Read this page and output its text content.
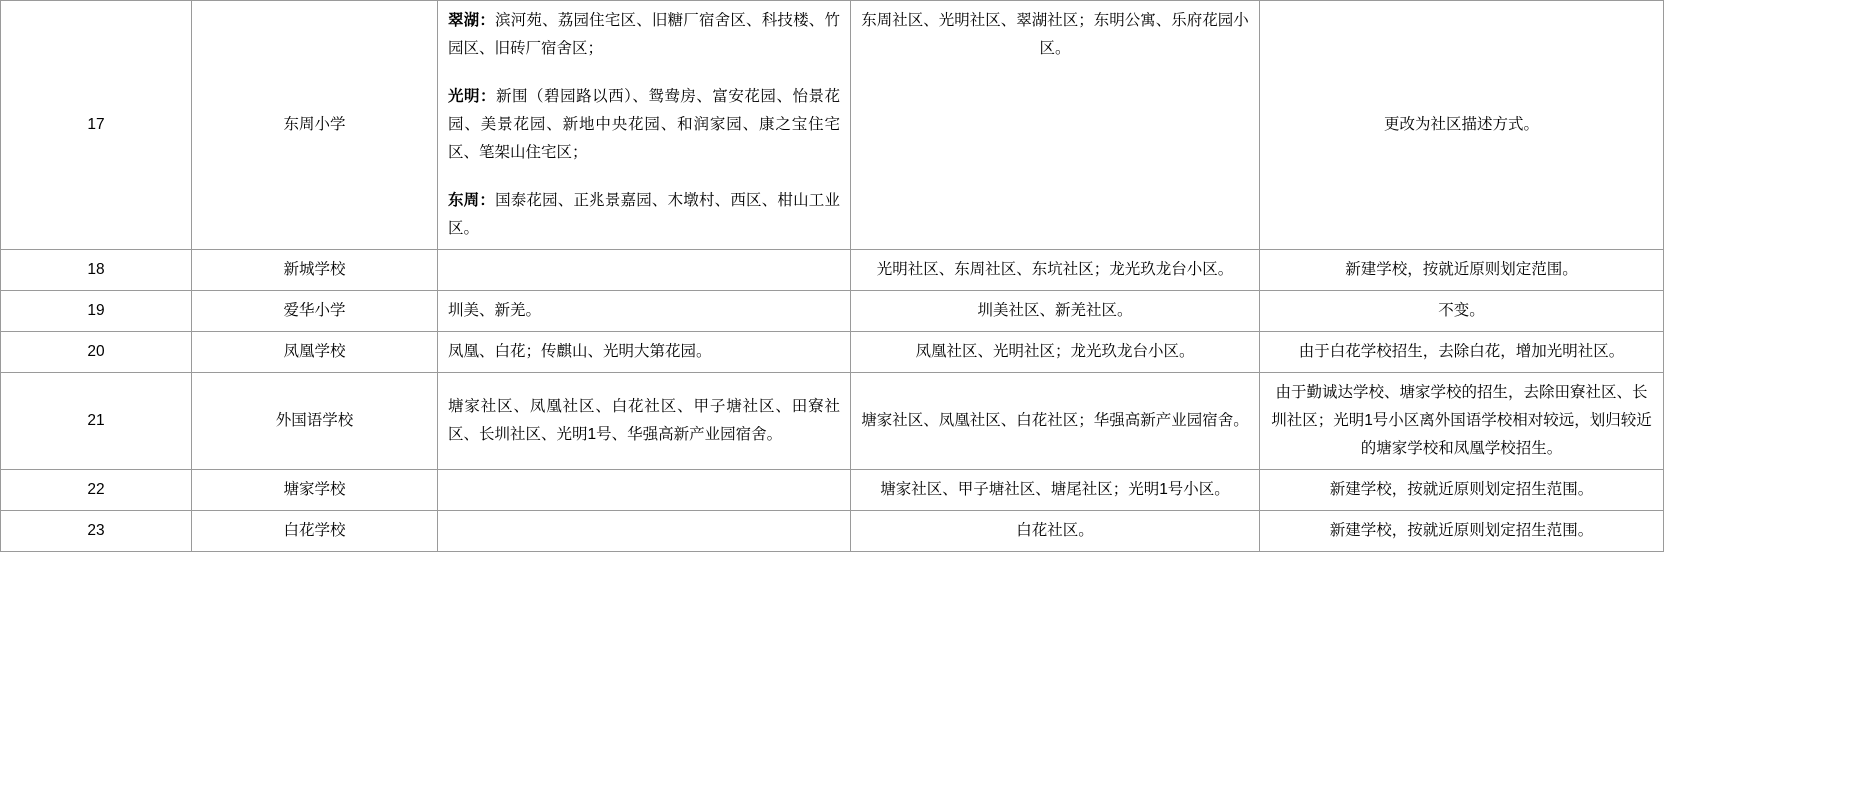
17	东周小学	翠湖：滨河苑、荔园住宅区、旧糖厂宿舍区、科技楼、竹园区、旧砖厂宿舍区；

光明：新围（碧园路以西）、鸳鸯房、富安花园、怡景花园、美景花园、新地中央花园、和润家园、康之宝住宅区、笔架山住宅区；

东周：国泰花园、正兆景嘉园、木墩村、西区、柑山工业区。	东周社区、光明社区、翠湖社区；东明公寓、乐府花园小区。	更改为社区描述方式。
18	新城学校		光明社区、东周社区、东坑社区；龙光玖龙台小区。	新建学校，按就近原则划定范围。
19	爱华小学	圳美、新羌。	圳美社区、新羌社区。	不变。
20	凤凰学校	凤凰、白花；传麒山、光明大第花园。	凤凰社区、光明社区；龙光玖龙台小区。	由于白花学校招生，去除白花，增加光明社区。
21	外国语学校	塘家社区、凤凰社区、白花社区、甲子塘社区、田寮社区、长圳社区、光明1号、华强高新产业园宿舍。	塘家社区、凤凰社区、白花社区；华强高新产业园宿舍。	由于勤诚达学校、塘家学校的招生，去除田寮社区、长圳社区；光明1号小区离外国语学校相对较远，划归较近的塘家学校和凤凰学校招生。
22	塘家学校		塘家社区、甲子塘社区、塘尾社区；光明1号小区。	新建学校，按就近原则划定招生范围。
23	白花学校		白花社区。	新建学校，按就近原则划定招生范围。
